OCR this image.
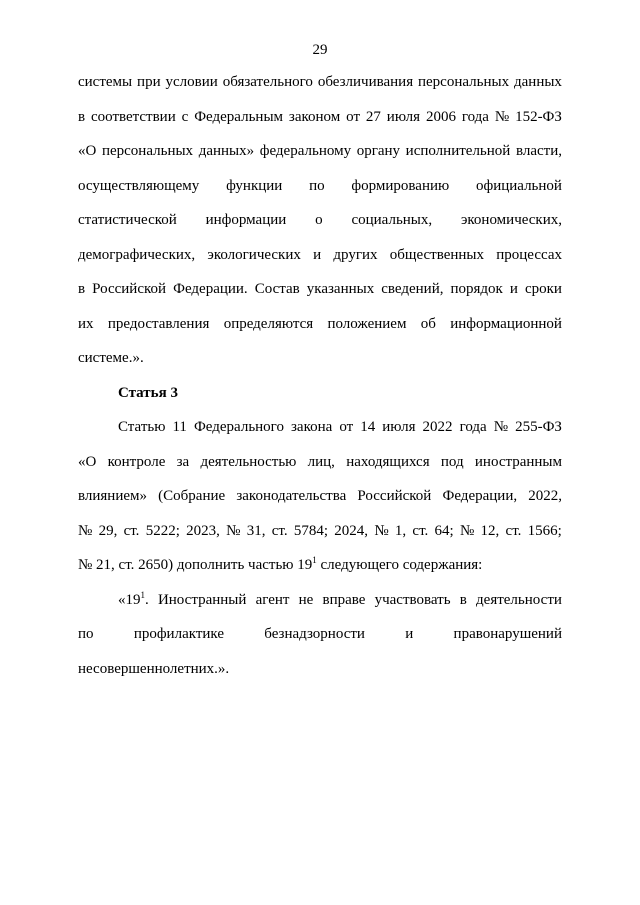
29
системы при условии обязательного обезличивания персональных данных
в соответствии с Федеральным законом от 27 июля 2006 года № 152-ФЗ
«О персональных данных» федеральному органу исполнительной власти,
осуществляющему функции по формированию официальной
статистической информации о социальных, экономических,
демографических, экологических и других общественных процессах
в Российской Федерации. Состав указанных сведений, порядок и сроки
их предоставления определяются положением об информационной
системе.».
Статья 3
Статью 11 Федерального закона от 14 июля 2022 года № 255-ФЗ
«О контроле за деятельностью лиц, находящихся под иностранным
влиянием» (Собрание законодательства Российской Федерации, 2022,
№ 29, ст. 5222; 2023, № 31, ст. 5784; 2024, № 1, ст. 64; № 12, ст. 1566;
№ 21, ст. 2650) дополнить частью $19^1$ следующего содержания:
«$19^1$. Иностранный агент не вправе участвовать в деятельности
по	профилактике	безнадзорности	и	правонарушений
несовершеннолетних.».
